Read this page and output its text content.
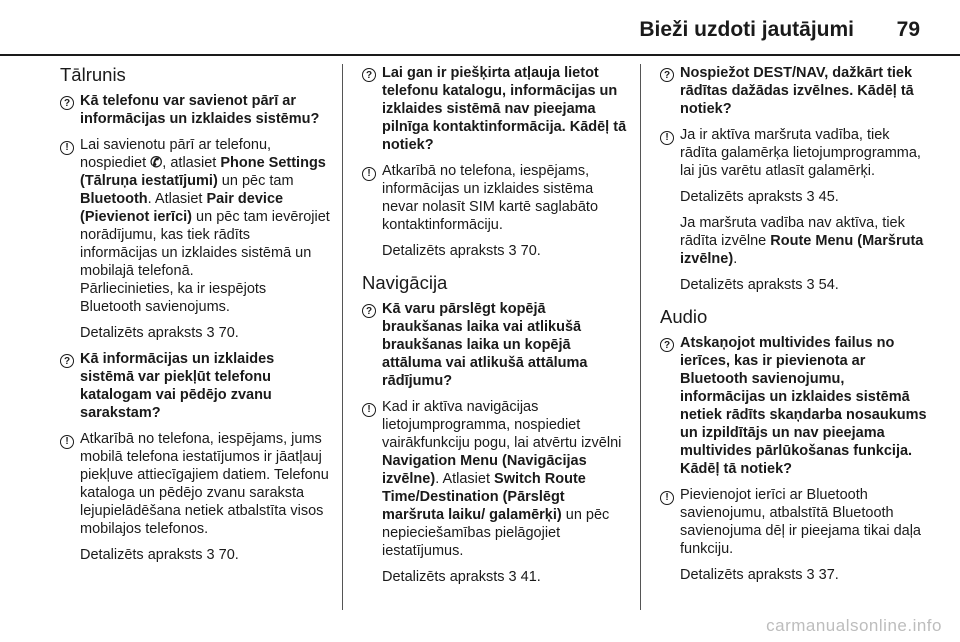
Bieži uzdoti jautājumi 79
Tālrunis
? Kā telefonu var savienot pārī ar informācijas un izklaides sistēmu?
! Lai savienotu pārī ar telefonu, nospiediet ✆, atlasiet Phone Settings (Tālruņa iestatījumi) un pēc tam Bluetooth. Atlasiet Pair device (Pievienot ierīci) un pēc tam ievērojiet norādījumu, kas tiek rādīts informācijas un izklaides sistēmā un mobilajā telefonā.
Pārliecinieties, ka ir iespējots Bluetooth savienojums.
Detalizēts apraksts 3 70.
? Kā informācijas un izklaides sistēmā var piekļūt telefonu katalogam vai pēdējo zvanu sarakstam?
! Atkarībā no telefona, iespējams, jums mobilā telefona iestatījumos ir jāatļauj piekļuve attiecīgajiem datiem. Telefonu kataloga un pēdējo zvanu saraksta lejupielādēšana netiek atbalstīta visos mobilajos telefonos.
Detalizēts apraksts 3 70.
? Lai gan ir piešķirta atļauja lietot telefonu katalogu, informācijas un izklaides sistēmā nav pieejama pilnīga kontaktinformācija. Kādēļ tā notiek?
! Atkarībā no telefona, iespējams, informācijas un izklaides sistēma nevar nolasīt SIM kartē saglabāto kontaktinformāciju.
Detalizēts apraksts 3 70.
Navigācija
? Kā varu pārslēgt kopējā braukšanas laika vai atlikušā braukšanas laika un kopējā attāluma vai atlikušā attāluma rādījumu?
! Kad ir aktīva navigācijas lietojumprogramma, nospiediet vairākfunkciju pogu, lai atvērtu izvēlni Navigation Menu (Navigācijas izvēlne). Atlasiet Switch Route Time/Destination (Pārslēgt maršruta laiku/ galamērķi) un pēc nepieciešamības pielāgojiet iestatījumus.
Detalizēts apraksts 3 41.
? Nospiežot DEST/NAV, dažkārt tiek rādītas dažādas izvēlnes. Kādēļ tā notiek?
! Ja ir aktīva maršruta vadība, tiek rādīta galamērķa lietojumprogramma, lai jūs varētu atlasīt galamērķi.
Detalizēts apraksts 3 45.
Ja maršruta vadība nav aktīva, tiek rādīta izvēlne Route Menu (Maršruta izvēlne).
Detalizēts apraksts 3 54.
Audio
? Atskaņojot multivides failus no ierīces, kas ir pievienota ar Bluetooth savienojumu, informācijas un izklaides sistēmā netiek rādīts skaņdarba nosaukums un izpildītājs un nav pieejama multivides pārlūkošanas funkcija. Kādēļ tā notiek?
! Pievienojot ierīci ar Bluetooth savienojumu, atbalstītā Bluetooth savienojuma dēļ ir pieejama tikai daļa funkciju.
Detalizēts apraksts 3 37.
carmanualsonline.info
